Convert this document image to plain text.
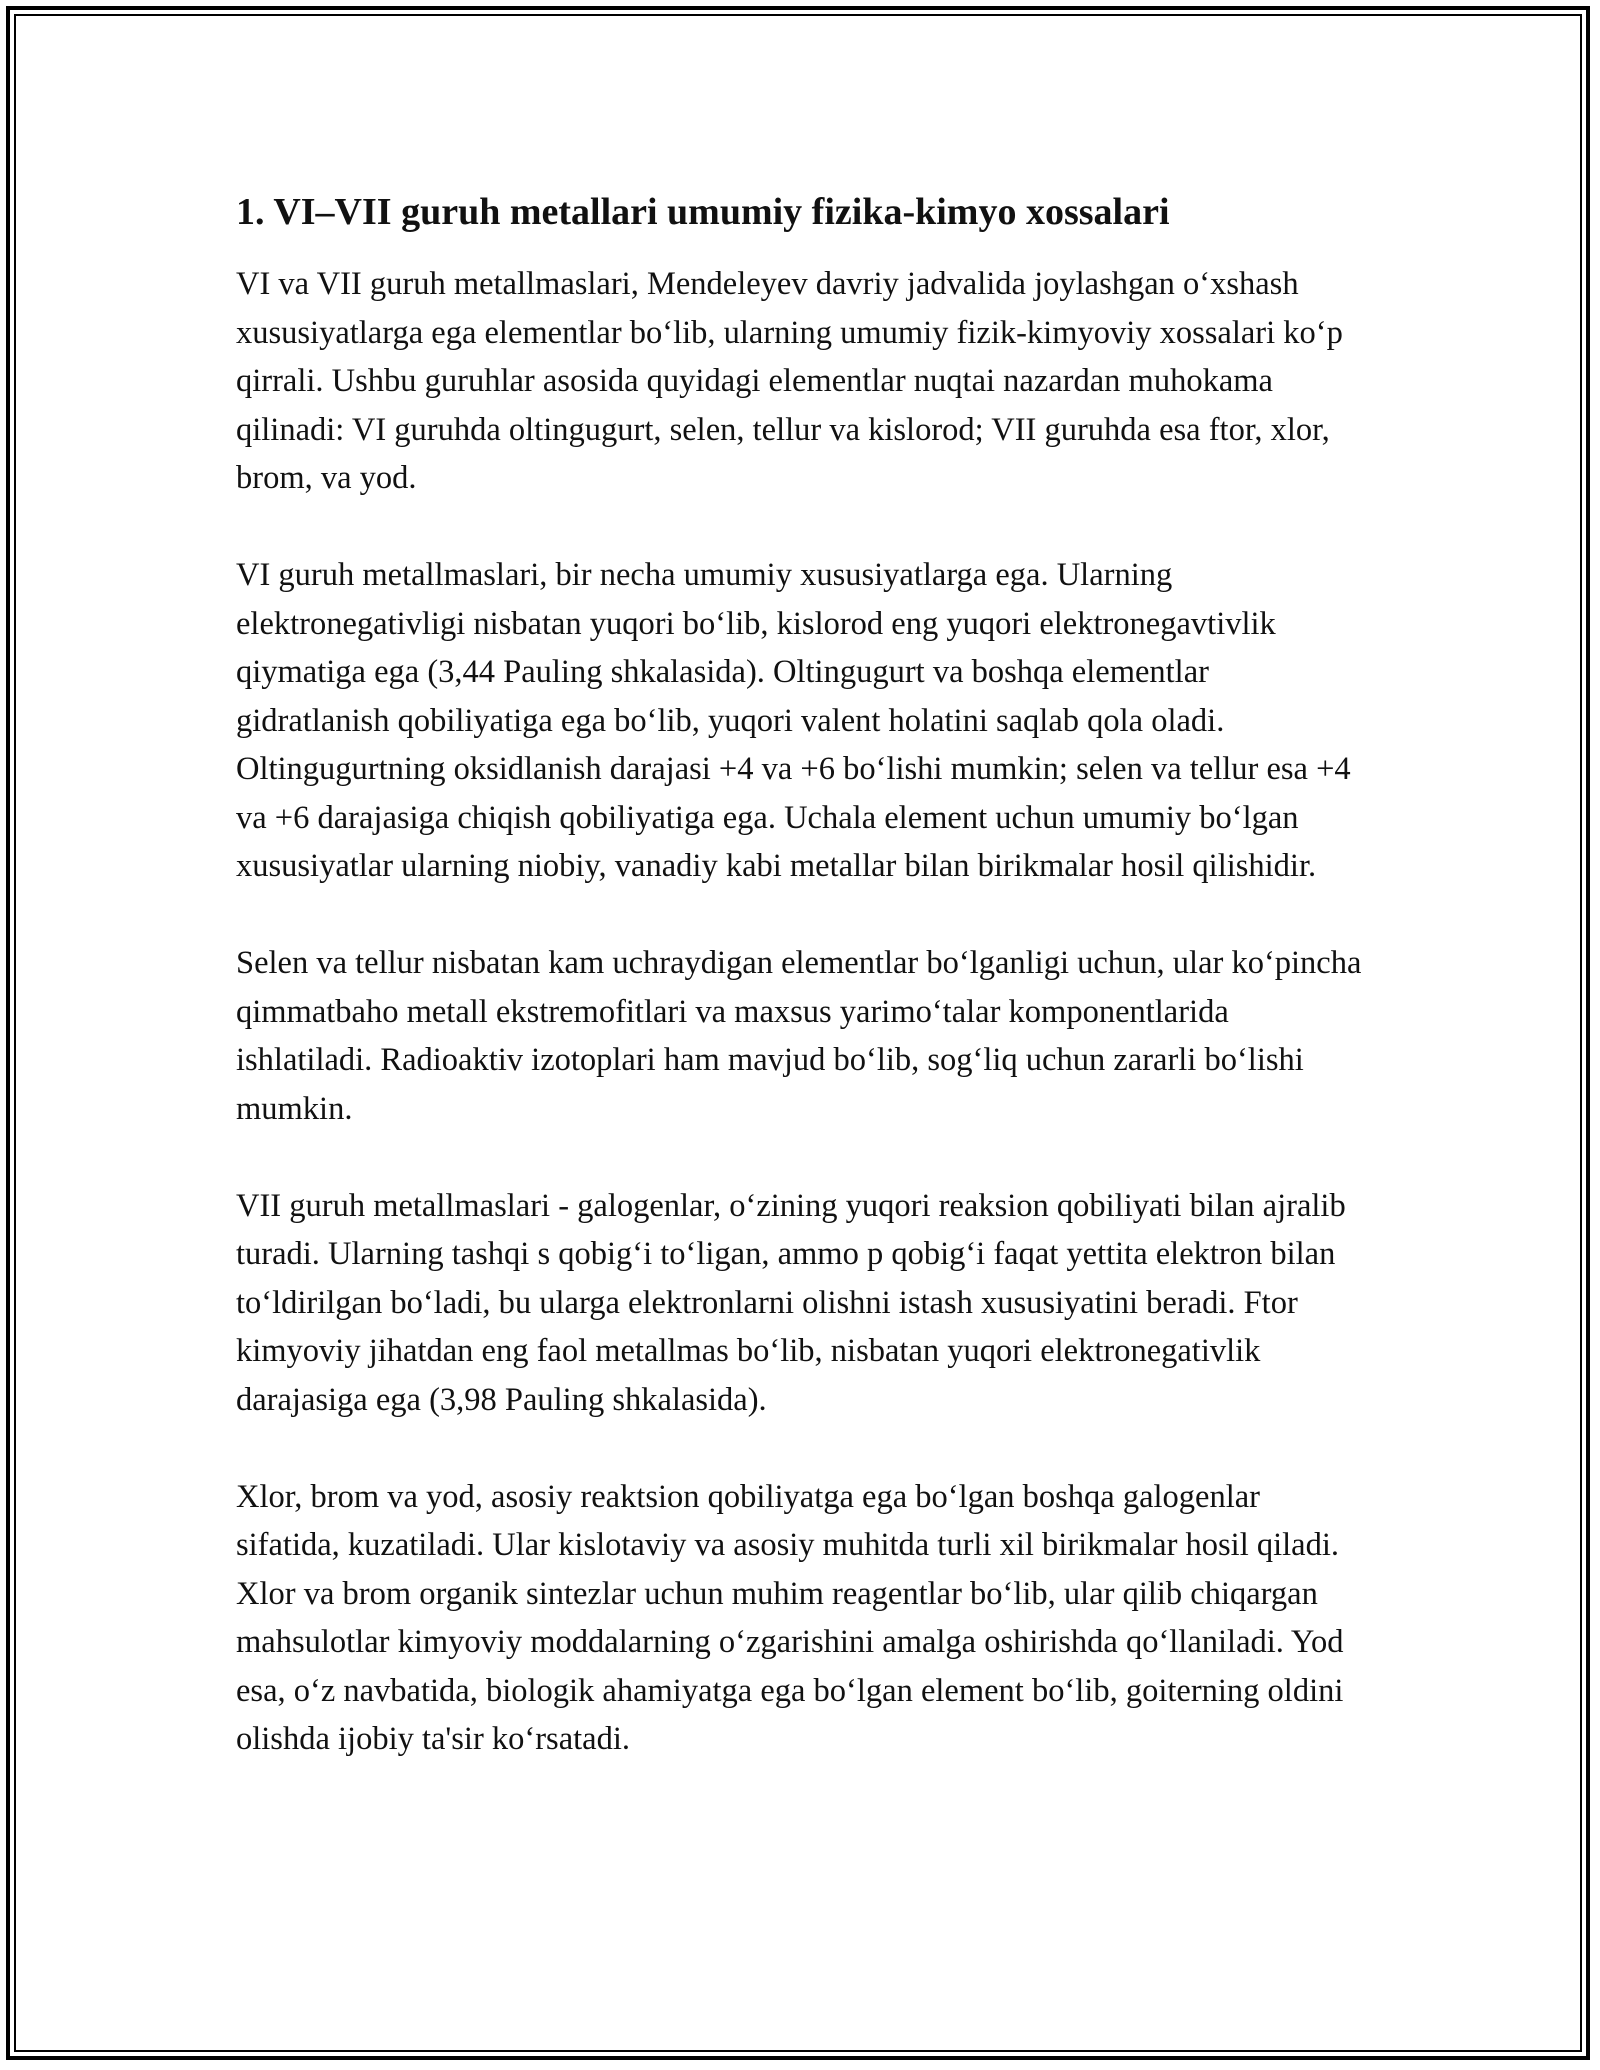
1. VI–VII guruh metallari umumiy fizika-kimyo xossalari

VI va VII guruh metallmaslari, Mendeleyev davriy jadvalida joylashgan o‘xshash xususiyatlarga ega elementlar bo‘lib, ularning umumiy fizik-kimyoviy xossalari ko‘p qirrali. Ushbu guruhlar asosida quyidagi elementlar nuqtai nazardan muhokama qilinadi: VI guruhda oltingugurt, selen, tellur va kislorod; VII guruhda esa ftor, xlor, brom, va yod.

VI guruh metallmaslari, bir necha umumiy xususiyatlarga ega. Ularning elektronegativligi nisbatan yuqori bo‘lib, kislorod eng yuqori elektronegavtivlik qiymatiga ega (3,44 Pauling shkalasida). Oltingugurt va boshqa elementlar gidratlanish qobiliyatiga ega bo‘lib, yuqori valent holatini saqlab qola oladi. Oltingugurtning oksidlanish darajasi +4 va +6 bo‘lishi mumkin; selen va tellur esa +4 va +6 darajasiga chiqish qobiliyatiga ega. Uchala element uchun umumiy bo‘lgan xususiyatlar ularning niobiy, vanadiy kabi metallar bilan birikmalar hosil qilishidir.

Selen va tellur nisbatan kam uchraydigan elementlar bo‘lganligi uchun, ular ko‘pincha qimmatbaho metall ekstremofitlari va maxsus yarimo‘talar komponentlarida ishlatiladi. Radioaktiv izotoplari ham mavjud bo‘lib, sog‘liq uchun zararli bo‘lishi mumkin.

VII guruh metallmaslari - galogenlar, o‘zining yuqori reaksion qobiliyati bilan ajralib turadi. Ularning tashqi s qobig‘i to‘ligan, ammo p qobig‘i faqat yettita elektron bilan to‘ldirilgan bo‘ladi, bu ularga elektronlarni olishni istash xususiyatini beradi. Ftor kimyoviy jihatdan eng faol metallmas bo‘lib, nisbatan yuqori elektronegativlik darajasiga ega (3,98 Pauling shkalasida).

Xlor, brom va yod, asosiy reaktsion qobiliyatga ega bo‘lgan boshqa galogenlar sifatida, kuzatiladi. Ular kislotaviy va asosiy muhitda turli xil birikmalar hosil qiladi. Xlor va brom organik sintezlar uchun muhim reagentlar bo‘lib, ular qilib chiqargan mahsulotlar kimyoviy moddalarning o‘zgarishini amalga oshirishda qo‘llaniladi. Yod esa, o‘z navbatida, biologik ahamiyatga ega bo‘lgan element bo‘lib, goiterning oldini olishda ijobiy ta'sir ko‘rsatadi.
